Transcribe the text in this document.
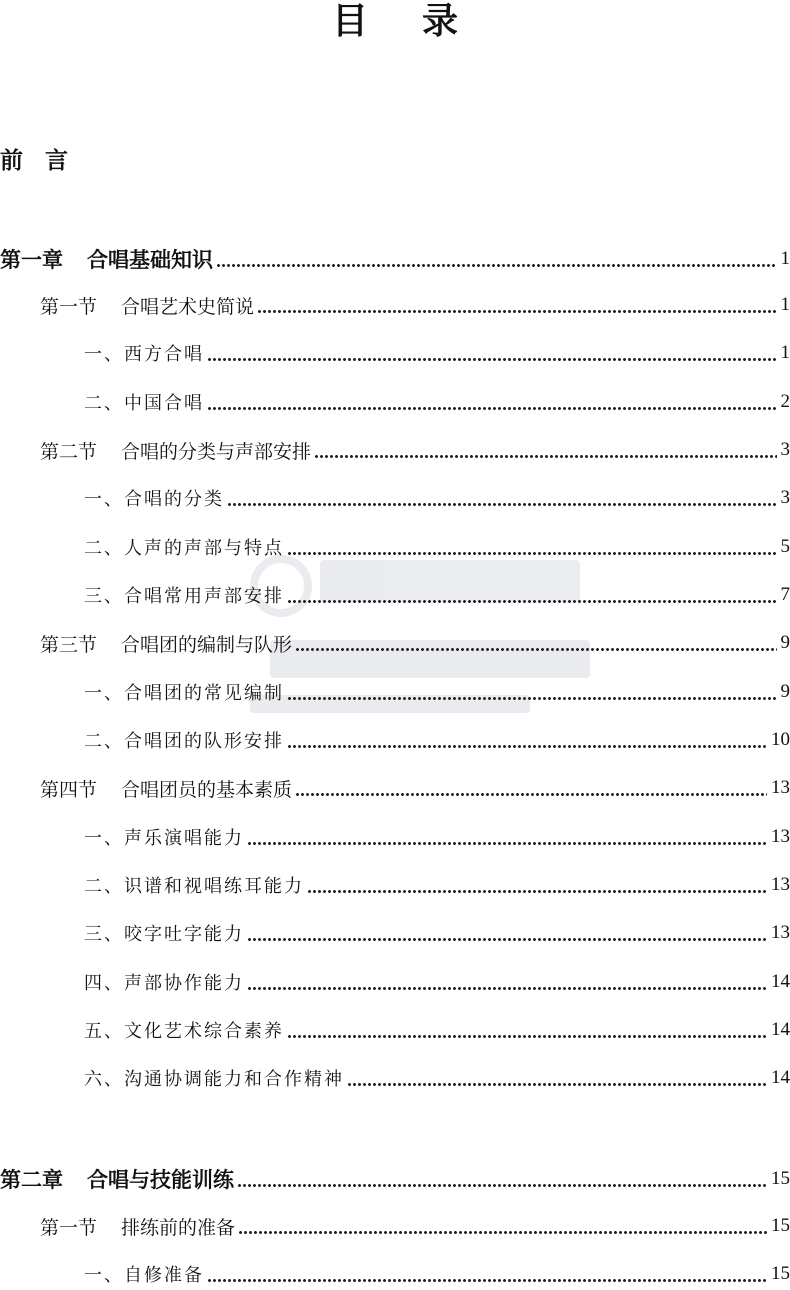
目录
前言
第一章 合唱基础知识	1
第一节 合唱艺术史简说	1
一、西方合唱	1
二、中国合唱	2
第二节 合唱的分类与声部安排	3
一、合唱的分类	3
二、人声的声部与特点	5
三、合唱常用声部安排	7
第三节 合唱团的编制与队形	9
一、合唱团的常见编制	9
二、合唱团的队形安排	10
第四节 合唱团员的基本素质	13
一、声乐演唱能力	13
二、识谱和视唱练耳能力	13
三、咬字吐字能力	13
四、声部协作能力	14
五、文化艺术综合素养	14
六、沟通协调能力和合作精神	14
第二章 合唱与技能训练	15
第一节 排练前的准备	15
一、自修准备	15
